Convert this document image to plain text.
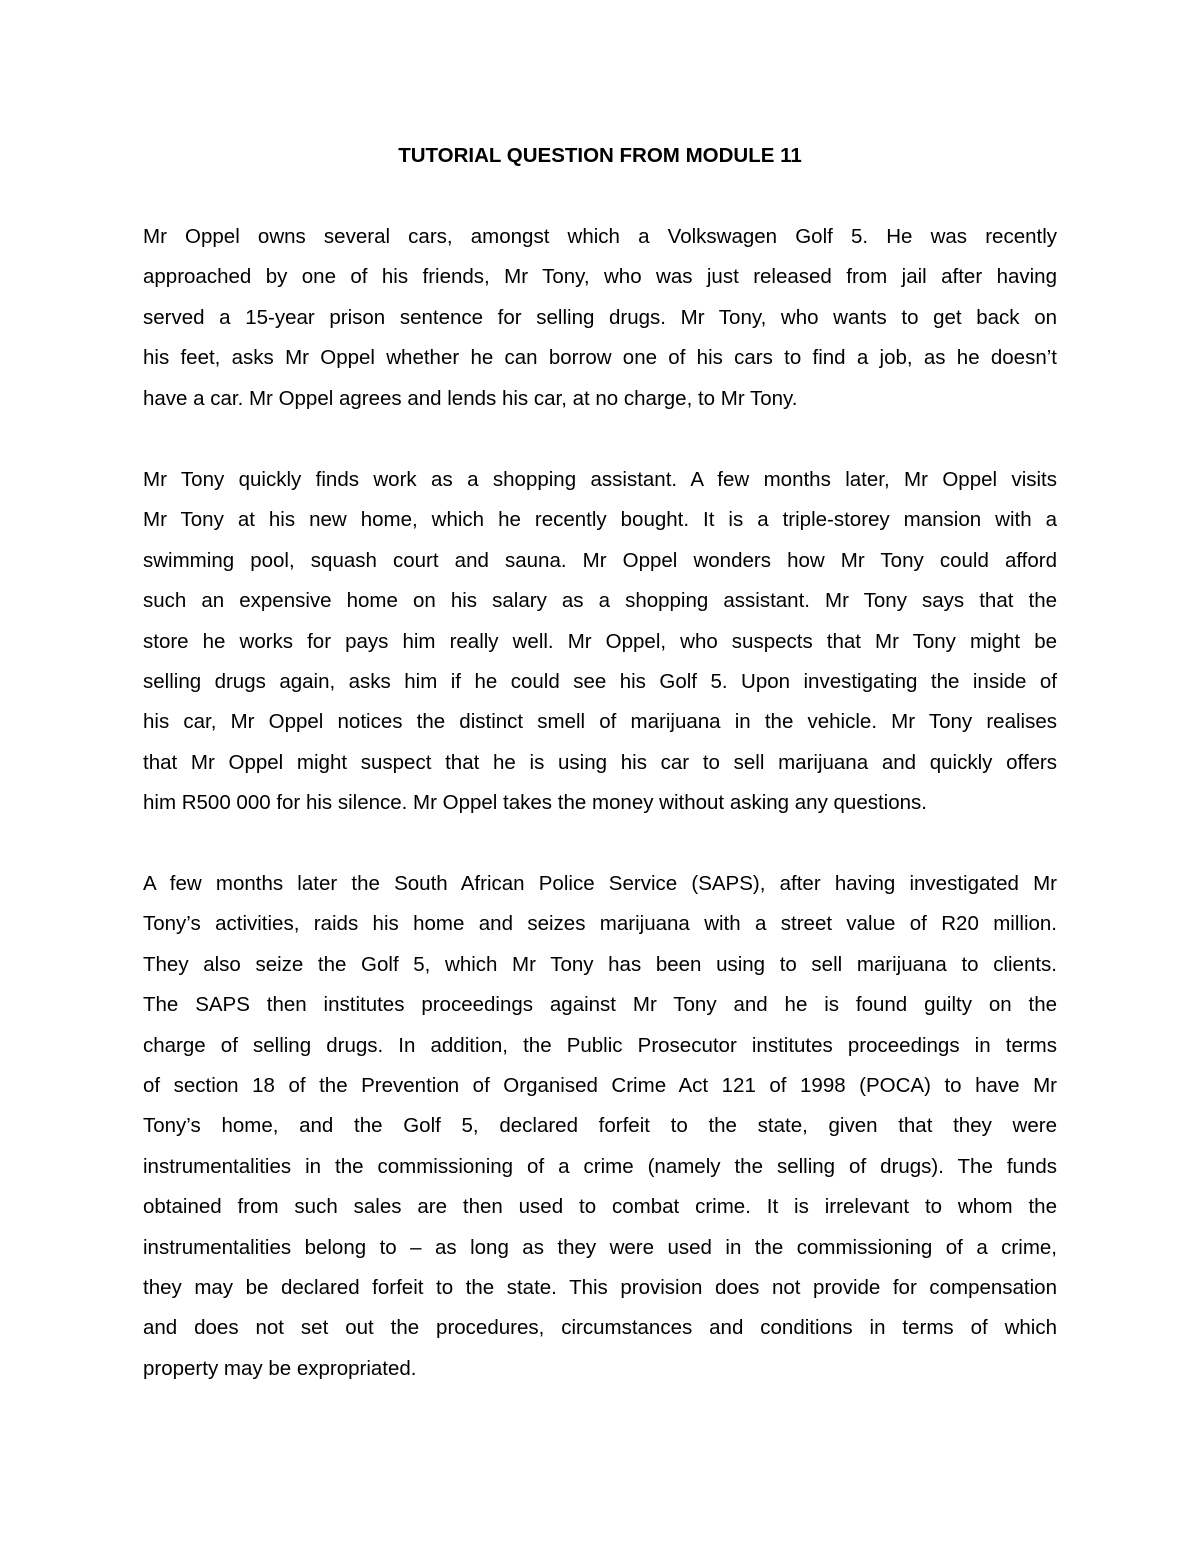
TUTORIAL QUESTION FROM MODULE 11
Mr Oppel owns several cars, amongst which a Volkswagen Golf 5. He was recently
approached by one of his friends, Mr Tony, who was just released from jail after having
served a 15-year prison sentence for selling drugs. Mr Tony, who wants to get back on
his feet, asks Mr Oppel whether he can borrow one of his cars to find a job, as he doesn’t
have a car. Mr Oppel agrees and lends his car, at no charge, to Mr Tony.
Mr Tony quickly finds work as a shopping assistant. A few months later, Mr Oppel visits
Mr Tony at his new home, which he recently bought. It is a triple-storey mansion with a
swimming pool, squash court and sauna. Mr Oppel wonders how Mr Tony could afford
such an expensive home on his salary as a shopping assistant. Mr Tony says that the
store he works for pays him really well. Mr Oppel, who suspects that Mr Tony might be
selling drugs again, asks him if he could see his Golf 5. Upon investigating the inside of
his car, Mr Oppel notices the distinct smell of marijuana in the vehicle. Mr Tony realises
that Mr Oppel might suspect that he is using his car to sell marijuana and quickly offers
him R500 000 for his silence. Mr Oppel takes the money without asking any questions.
A few months later the South African Police Service (SAPS), after having investigated Mr
Tony’s activities, raids his home and seizes marijuana with a street value of R20 million.
They also seize the Golf 5, which Mr Tony has been using to sell marijuana to clients.
The SAPS then institutes proceedings against Mr Tony and he is found guilty on the
charge of selling drugs. In addition, the Public Prosecutor institutes proceedings in terms
of section 18 of the Prevention of Organised Crime Act 121 of 1998 (POCA) to have Mr
Tony’s home, and the Golf 5, declared forfeit to the state, given that they were
instrumentalities in the commissioning of a crime (namely the selling of drugs). The funds
obtained from such sales are then used to combat crime. It is irrelevant to whom the
instrumentalities belong to – as long as they were used in the commissioning of a crime,
they may be declared forfeit to the state. This provision does not provide for compensation
and does not set out the procedures, circumstances and conditions in terms of which
property may be expropriated.
